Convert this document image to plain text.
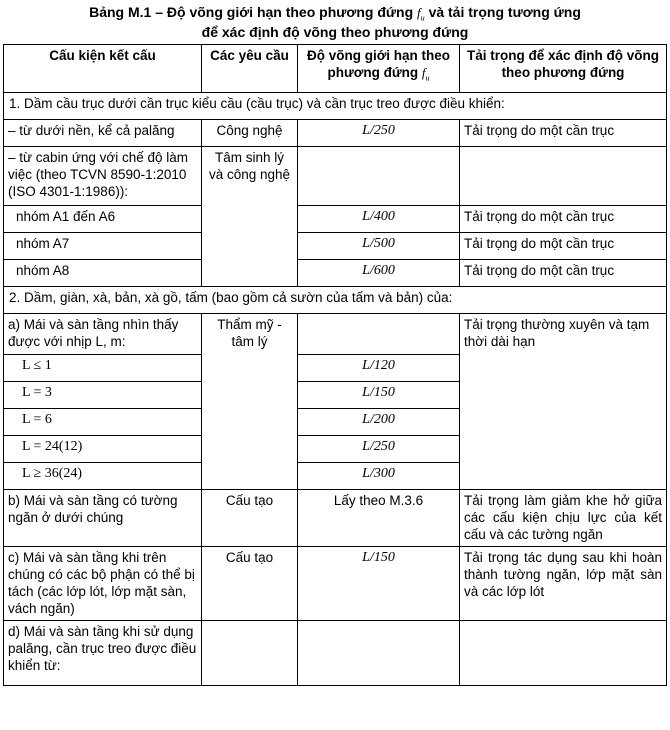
Bảng M.1 – Độ võng giới hạn theo phương đứng $f_u$ và tải trọng tương ứng
để xác định độ võng theo phương đứng
Cấu kiện kết cấu	Các yêu cầu	Độ võng giới hạn theo phương đứng $f_u$	Tải trọng để xác định độ võng theo phương đứng
1. Dầm cầu trục dưới cần trục kiểu cầu (cầu trục) và cần trục treo được điều khiển:			
– từ dưới nền, kể cả palăng	Công nghệ	L/250	Tải trọng do một cần trục
– từ cabin ứng với chế độ làm việc (theo TCVN 8590-1:2010 (ISO 4301-1:1986)):	Tâm sinh lý và công nghệ		
nhóm A1 đến A6		L/400	Tải trọng do một cần trục
nhóm A7		L/500	Tải trọng do một cần trục
nhóm A8		L/600	Tải trọng do một cần trục
2. Dầm, giàn, xà, bản, xà gồ, tấm (bao gồm cả sườn của tấm và bản) của:			
a) Mái và sàn tầng nhìn thấy được với nhịp L, m:	Thẩm mỹ - tâm lý		Tải trọng thường xuyên và tạm thời dài hạn
L ≤ 1		L/120	
L = 3		L/150	
L = 6		L/200	
L = 24(12)		L/250	
L ≥ 36(24)		L/300	
b) Mái và sàn tầng có tường ngăn ở dưới chúng	Cấu tạo	Lấy theo M.3.6	Tải trọng làm giảm khe hở giữa các cấu kiện chịu lực của kết cấu và các tường ngăn
c) Mái và sàn tầng khi trên chúng có các bộ phận có thể bị tách (các lớp lót, lớp mặt sàn, vách ngăn)	Cấu tạo	L/150	Tải trọng tác dụng sau khi hoàn thành tường ngăn, lớp mặt sàn và các lớp lót
d) Mái và sàn tầng khi sử dụng palăng, cần trục treo được điều khiển từ:			
